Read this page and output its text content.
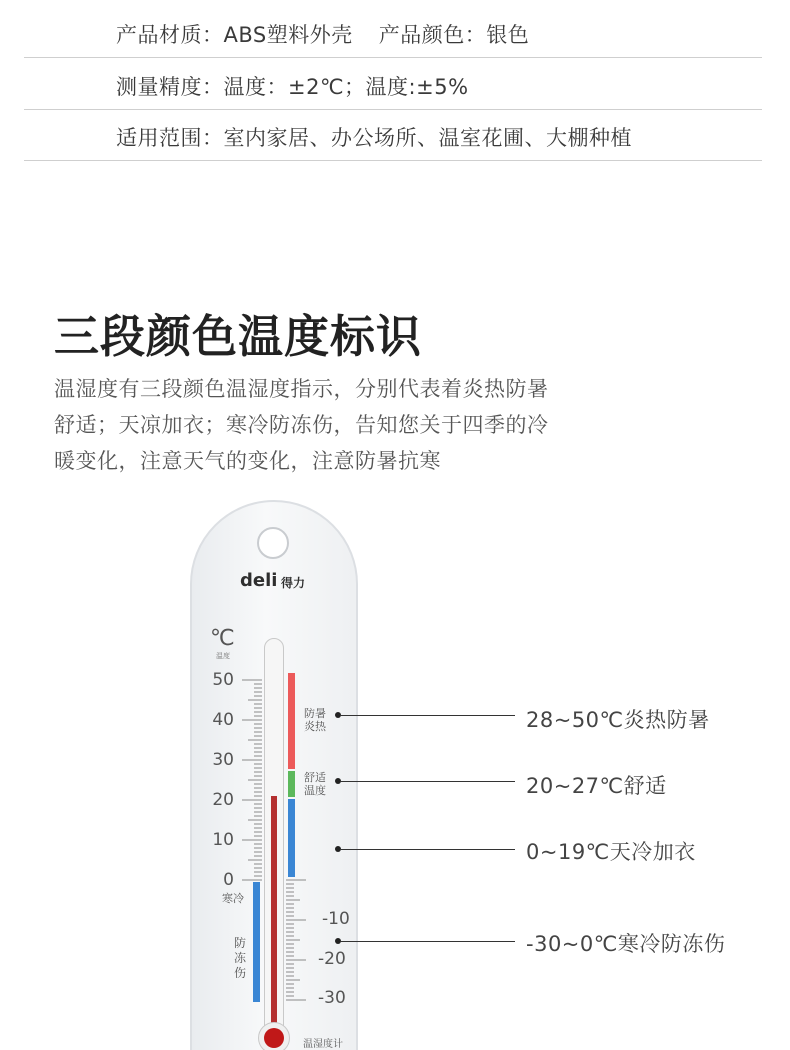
产品材质：ABS塑料外壳 产品颜色：银色
测量精度：温度：±2℃；温度:±5%
适用范围：室内家居、办公场所、温室花圃、大棚种植
三段颜色温度标识
温湿度有三段颜色温湿度指示，分别代表着炎热防暑
舒适；天凉加衣；寒冷防冻伤，告知您关于四季的冷
暖变化，注意天气的变化，注意防暑抗寒
deli 得力
℃
温度
50
40
30
20
10
0
-10
-20
-30
防暑
炎热
舒适
温度
寒冷
防
冻
伤
温湿度计
28~50℃炎热防暑
20~27℃舒适
0~19℃天冷加衣
-30~0℃寒冷防冻伤
